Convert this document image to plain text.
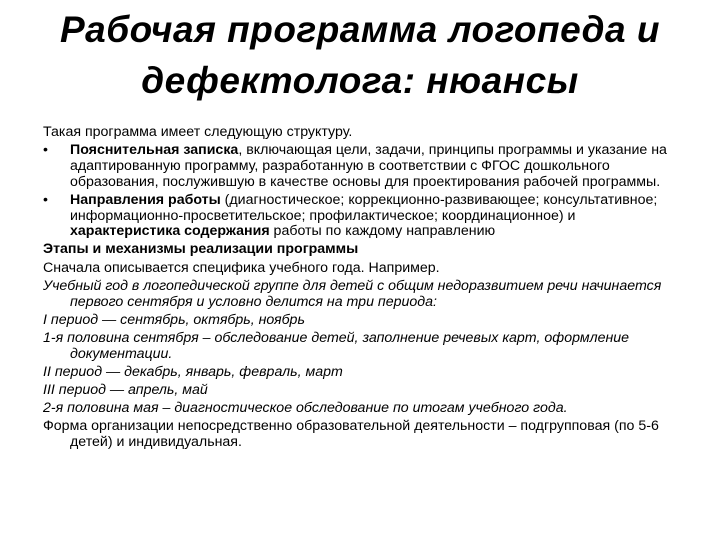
Рабочая программа логопеда и
дефектолога: нюансы

Такая программа имеет следующую структуру.

• Пояснительная записка, включающая цели, задачи, принципы программы и указание на адаптированную программу, разработанную в соответствии с ФГОС дошкольного образования, послужившую в качестве основы для проектирования рабочей программы.

• Направления работы (диагностическое; коррекционно-развивающее; консультативное; информационно-просветительское; профилактическое; координационное) и характеристика содержания работы по каждому направлению

Этапы и механизмы реализации программы

Сначала описывается специфика учебного года. Например.

Учебный год в логопедической группе для детей с общим недоразвитием речи начинается первого сентября и условно делится на три периода:

I период — сентябрь, октябрь, ноябрь

1-я половина сентября – обследование детей, заполнение речевых карт, оформление документации.

II период — декабрь, январь, февраль, март

III период — апрель, май

2-я половина мая – диагностическое обследование по итогам учебного года.

Форма организации непосредственно образовательной деятельности – подгрупповая (по 5-6 детей) и индивидуальная.
